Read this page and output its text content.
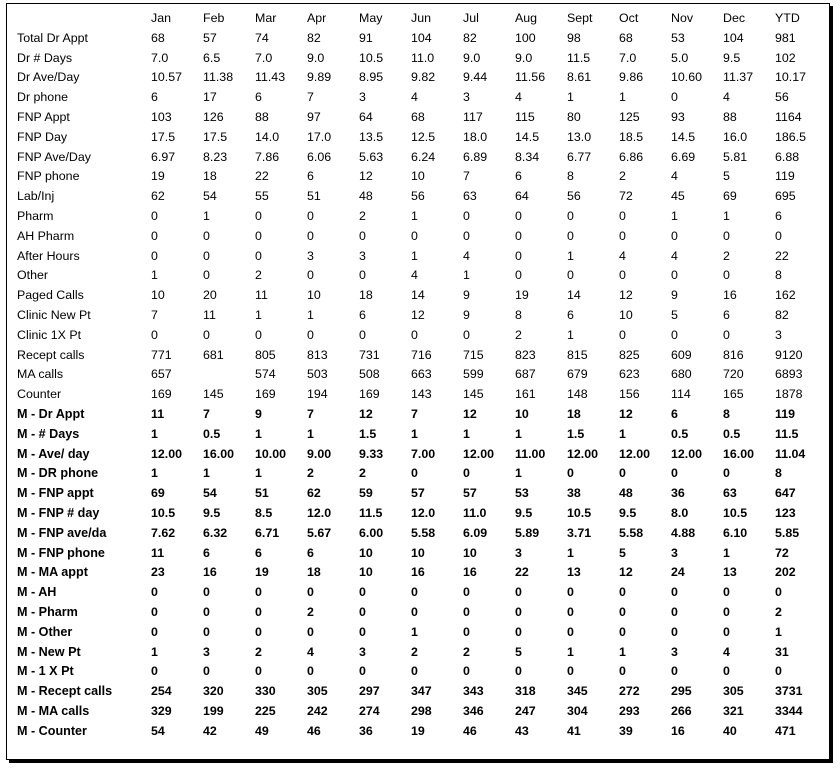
	Jan	Feb	Mar	Apr	May	Jun	Jul	Aug	Sept	Oct	Nov	Dec	YTD
Total Dr Appt	68	57	74	82	91	104	82	100	98	68	53	104	981
Dr # Days	7.0	6.5	7.0	9.0	10.5	11.0	9.0	9.0	11.5	7.0	5.0	9.5	102
Dr Ave/Day	10.57	11.38	11.43	9.89	8.95	9.82	9.44	11.56	8.61	9.86	10.60	11.37	10.17
Dr phone	6	17	6	7	3	4	3	4	1	1	0	4	56
FNP Appt	103	126	88	97	64	68	117	115	80	125	93	88	1164
FNP Day	17.5	17.5	14.0	17.0	13.5	12.5	18.0	14.5	13.0	18.5	14.5	16.0	186.5
FNP Ave/Day	6.97	8.23	7.86	6.06	5.63	6.24	6.89	8.34	6.77	6.86	6.69	5.81	6.88
FNP phone	19	18	22	6	12	10	7	6	8	2	4	5	119
Lab/Inj	62	54	55	51	48	56	63	64	56	72	45	69	695
Pharm	0	1	0	0	2	1	0	0	0	0	1	1	6
AH Pharm	0	0	0	0	0	0	0	0	0	0	0	0	0
After Hours	0	0	0	3	3	1	4	0	1	4	4	2	22
Other	1	0	2	0	0	4	1	0	0	0	0	0	8
Paged Calls	10	20	11	10	18	14	9	19	14	12	9	16	162
Clinic New Pt	7	11	1	1	6	12	9	8	6	10	5	6	82
Clinic 1X Pt	0	0	0	0	0	0	0	2	1	0	0	0	3
Recept calls	771	681	805	813	731	716	715	823	815	825	609	816	9120
MA calls	657		574	503	508	663	599	687	679	623	680	720	6893
Counter	169	145	169	194	169	143	145	161	148	156	114	165	1878
M - Dr Appt	11	7	9	7	12	7	12	10	18	12	6	8	119
M - # Days	1	0.5	1	1	1.5	1	1	1	1.5	1	0.5	0.5	11.5
M - Ave/ day	12.00	16.00	10.00	9.00	9.33	7.00	12.00	11.00	12.00	12.00	12.00	16.00	11.04
M - DR phone	1	1	1	2	2	0	0	1	0	0	0	0	8
M - FNP appt	69	54	51	62	59	57	57	53	38	48	36	63	647
M - FNP # day	10.5	9.5	8.5	12.0	11.5	12.0	11.0	9.5	10.5	9.5	8.0	10.5	123
M - FNP ave/da	7.62	6.32	6.71	5.67	6.00	5.58	6.09	5.89	3.71	5.58	4.88	6.10	5.85
M - FNP phone	11	6	6	6	10	10	10	3	1	5	3	1	72
M - MA appt	23	16	19	18	10	16	16	22	13	12	24	13	202
M - AH	0	0	0	0	0	0	0	0	0	0	0	0	0
M - Pharm	0	0	0	2	0	0	0	0	0	0	0	0	2
M - Other	0	0	0	0	0	1	0	0	0	0	0	0	1
M - New Pt	1	3	2	4	3	2	2	5	1	1	3	4	31
M - 1 X Pt	0	0	0	0	0	0	0	0	0	0	0	0	0
M - Recept calls	254	320	330	305	297	347	343	318	345	272	295	305	3731
M - MA calls	329	199	225	242	274	298	346	247	304	293	266	321	3344
M - Counter	54	42	49	46	36	19	46	43	41	39	16	40	471
